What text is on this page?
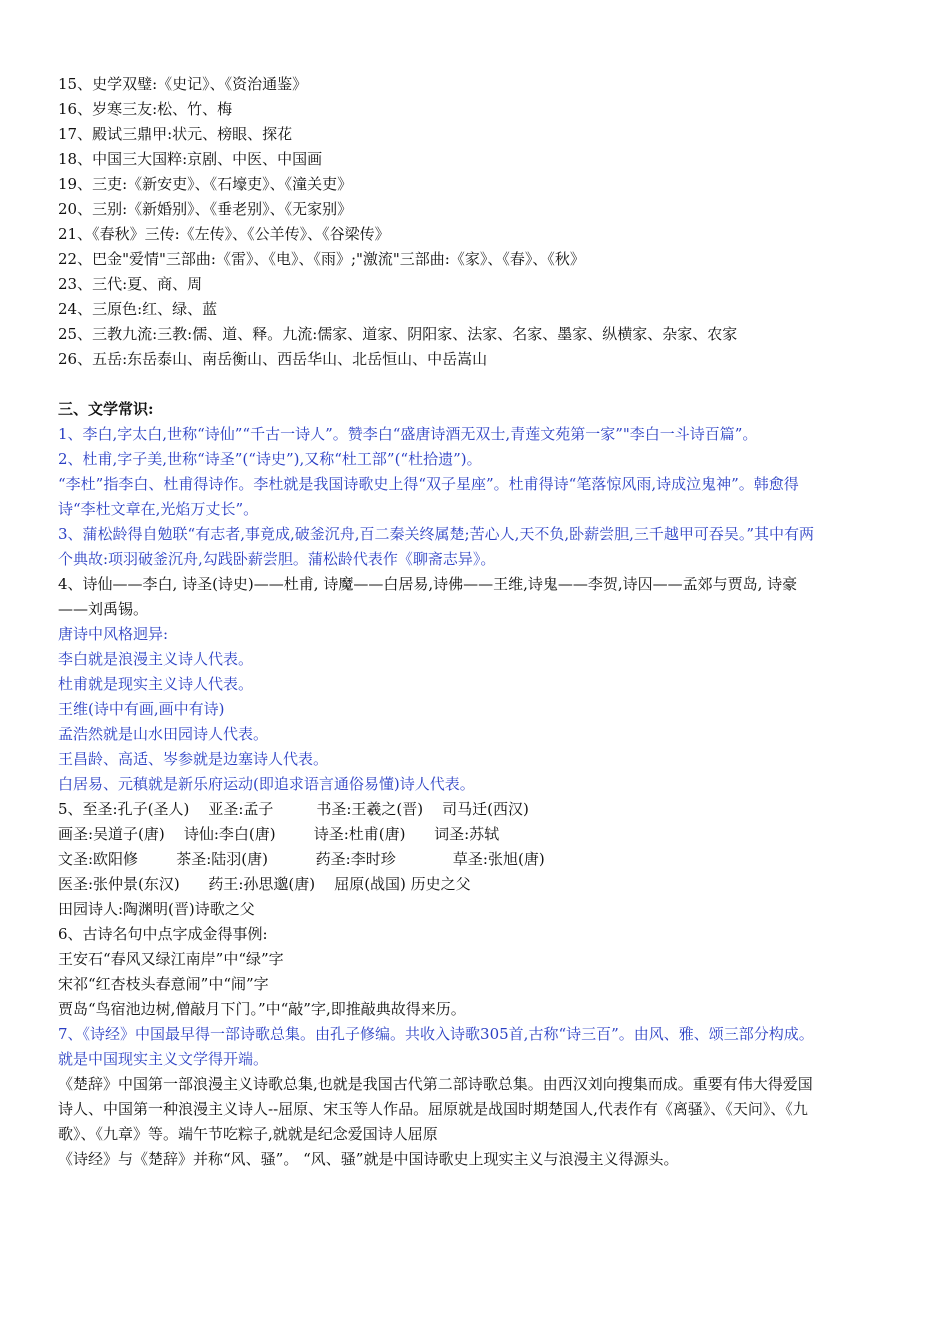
15、史学双璧:《史记》、《资治通鉴》
16、岁寒三友:松、竹、梅
17、殿试三鼎甲:状元、榜眼、探花
18、中国三大国粹:京剧、中医、中国画
19、三吏:《新安吏》、《石壕吏》、《潼关吏》
20、三别:《新婚别》、《垂老别》、《无家别》
21、《春秋》三传:《左传》、《公羊传》、《谷梁传》
22、巴金"爱情"三部曲:《雷》、《电》、《雨》;"激流"三部曲:《家》、《春》、《秋》
23、三代:夏、商、周
24、三原色:红、绿、蓝
25、三教九流:三教:儒、道、释。九流:儒家、道家、阴阳家、法家、名家、墨家、纵横家、杂家、农家
26、五岳:东岳泰山、南岳衡山、西岳华山、北岳恒山、中岳嵩山
三、文学常识:
1、李白,字太白,世称“诗仙”“千古一诗人”。赞李白“盛唐诗酒无双士,青莲文苑第一家”"李白一斗诗百篇”。
2、杜甫,字子美,世称“诗圣”(“诗史”),又称“杜工部”(“杜拾遗”)。
“李杜”指李白、杜甫得诗作。李杜就是我国诗歌史上得“双子星座”。杜甫得诗“笔落惊风雨,诗成泣鬼神”。韩愈得诗“李杜文章在,光焰万丈长”。
3、蒲松龄得自勉联“有志者,事竟成,破釜沉舟,百二秦关终属楚;苦心人,天不负,卧薪尝胆,三千越甲可吞吴。”其中有两个典故:项羽破釜沉舟,勾践卧薪尝胆。蒲松龄代表作《聊斋志异》。
4、诗仙——李白, 诗圣(诗史)——杜甫, 诗魔——白居易,诗佛——王维,诗鬼——李贺,诗囚——孟郊与贾岛, 诗豪——刘禹锡。
唐诗中风格迥异:
李白就是浪漫主义诗人代表。
杜甫就是现实主义诗人代表。
王维(诗中有画,画中有诗)
孟浩然就是山水田园诗人代表。
王昌龄、高适、岑参就是边塞诗人代表。
白居易、元稹就是新乐府运动(即追求语言通俗易懂)诗人代表。
5、至圣:孔子(圣人)    亚圣:孟子         书圣:王羲之(晋)    司马迁(西汉)
画圣:吴道子(唐)    诗仙:李白(唐)        诗圣:杜甫(唐)      词圣:苏轼
文圣:欧阳修        茶圣:陆羽(唐)          药圣:李时珍            草圣:张旭(唐)
医圣:张仲景(东汉)      药王:孙思邈(唐)    屈原(战国) 历史之父
田园诗人:陶渊明(晋)诗歌之父
6、古诗名句中点字成金得事例:
王安石“春风又绿江南岸”中“绿”字
宋祁“红杏枝头春意闹”中“闹”字
贾岛“鸟宿池边树,僧敲月下门。”中“敲”字,即推敲典故得来历。
7、《诗经》中国最早得一部诗歌总集。由孔子修编。共收入诗歌305首,古称“诗三百”。由风、雅、颂三部分构成。就是中国现实主义文学得开端。
《楚辞》中国第一部浪漫主义诗歌总集,也就是我国古代第二部诗歌总集。由西汉刘向搜集而成。重要有伟大得爱国诗人、中国第一种浪漫主义诗人--屈原、宋玉等人作品。屈原就是战国时期楚国人,代表作有《离骚》、《天问》、《九歌》、《九章》等。端午节吃粽子,就就是纪念爱国诗人屈原
《诗经》与《楚辞》并称“风、骚”。 “风、骚”就是中国诗歌史上现实主义与浪漫主义得源头。
